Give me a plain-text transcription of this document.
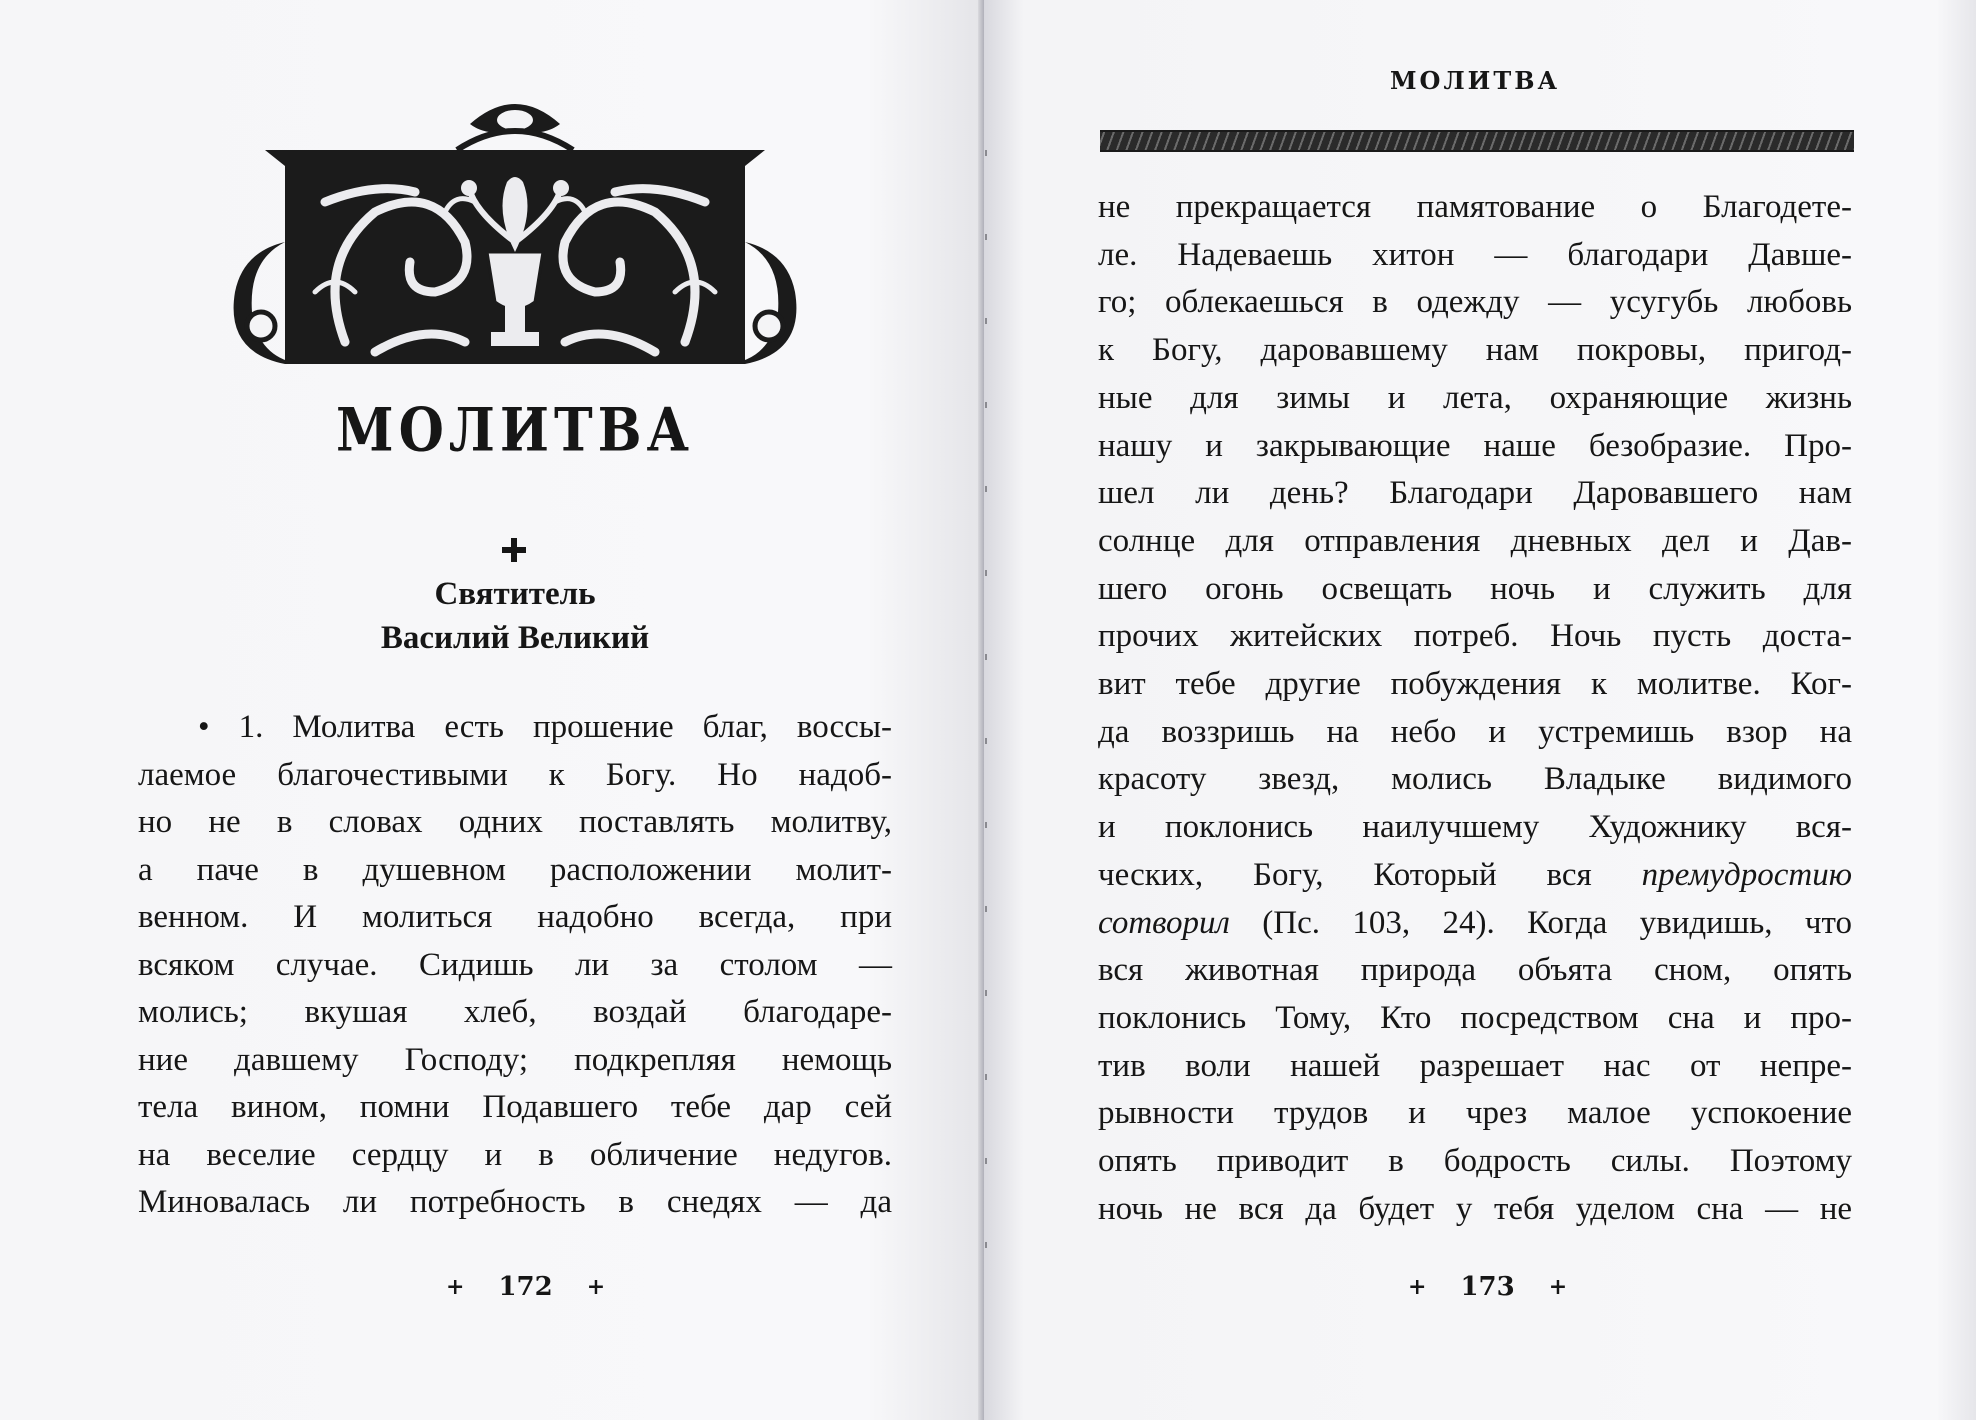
МОЛИТВА
Святитель
Василий Великий
• 1. Молитва есть прошение благ, воссы-
лаемое благочестивыми к Богу. Но надоб-
но не в словах одних поставлять молитву,
а паче в душевном расположении молит-
венном. И молиться надобно всегда, при
всяком случае. Сидишь ли за столом —
молись; вкушая хлеб, воздай благодаре-
ние давшему Господу; подкрепляя немощь
тела вином, помни Подавшего тебе дар сей
на веселие сердцу и в обличение недугов.
Миновалась ли потребность в снедях — да
+ 172 +
МОЛИТВА
не прекращается памятование о Благодете-
ле. Надеваешь хитон — благодари Давше-
го; облекаешься в одежду — усугубь любовь
к Богу, даровавшему нам покровы, пригод-
ные для зимы и лета, охраняющие жизнь
нашу и закрывающие наше безобразие. Про-
шел ли день? Благодари Даровавшего нам
солнце для отправления дневных дел и Дав-
шего огонь освещать ночь и служить для
прочих житейских потреб. Ночь пусть доста-
вит тебе другие побуждения к молитве. Ког-
да воззришь на небо и устремишь взор на
красоту звезд, молись Владыке видимого
и поклонись наилучшему Художнику вся-
ческих, Богу, Который вся премудростию
сотворил (Пс. 103, 24). Когда увидишь, что
вся животная природа объята сном, опять
поклонись Тому, Кто посредством сна и про-
тив воли нашей разрешает нас от непре-
рывности трудов и чрез малое успокоение
опять приводит в бодрость силы. Поэтому
ночь не вся да будет у тебя уделом сна — не
+ 173 +
